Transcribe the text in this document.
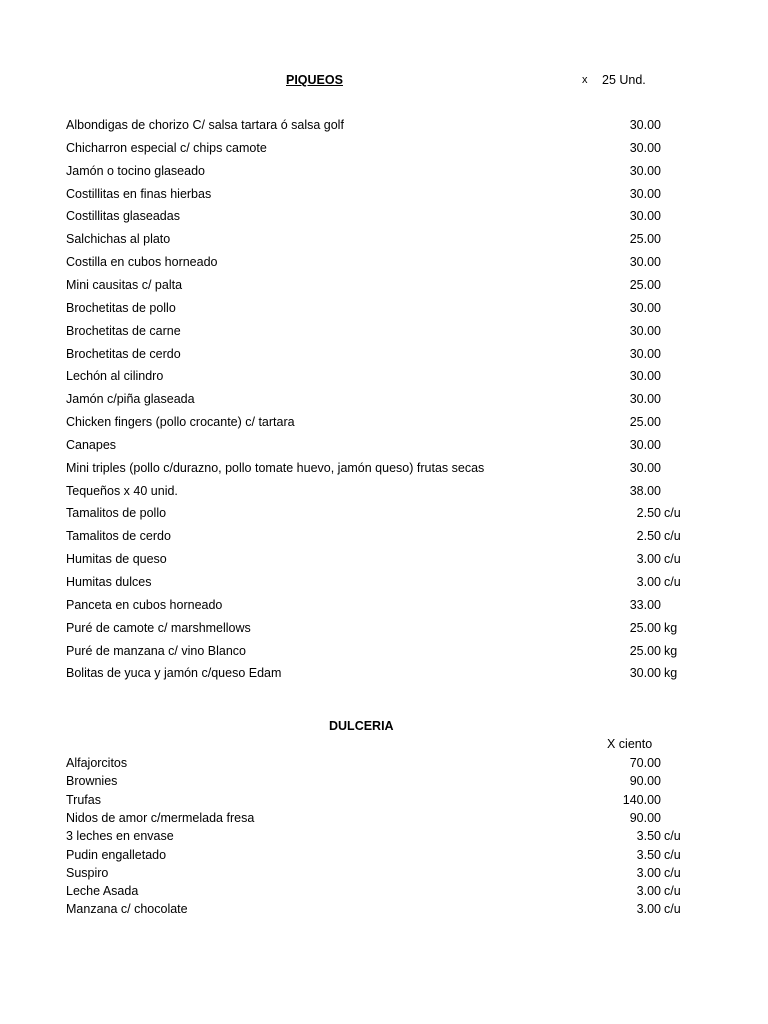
PIQUEOS	x 25 Und.
Albondigas de chorizo C/ salsa tartara ó salsa golf	30.00
Chicharron especial c/ chips camote	30.00
Jamón o tocino glaseado	30.00
Costillitas en finas hierbas	30.00
Costillitas glaseadas	30.00
Salchichas al plato	25.00
Costilla en cubos horneado	30.00
Mini causitas c/ palta	25.00
Brochetitas de pollo	30.00
Brochetitas de carne	30.00
Brochetitas de cerdo	30.00
Lechón al cilindro	30.00
Jamón c/piña glaseada	30.00
Chicken fingers (pollo crocante) c/ tartara	25.00
Canapes	30.00
Mini triples (pollo c/durazno, pollo tomate huevo, jamón queso) frutas secas	30.00
Tequeños x 40 unid.	38.00
Tamalitos de pollo	2.50 c/u
Tamalitos de cerdo	2.50 c/u
Humitas de queso	3.00 c/u
Humitas dulces	3.00 c/u
Panceta en cubos horneado	33.00
Puré de camote c/ marshmellows	25.00 kg
Puré de manzana c/ vino Blanco	25.00 kg
Bolitas de yuca y jamón c/queso Edam	30.00 kg
DULCERIA
X ciento
Alfajorcitos	70.00
Brownies	90.00
Trufas	140.00
Nidos de amor c/mermelada fresa	90.00
3 leches en envase	3.50 c/u
Pudin engalletado	3.50 c/u
Suspiro	3.00 c/u
Leche Asada	3.00 c/u
Manzana c/ chocolate	3.00 c/u
